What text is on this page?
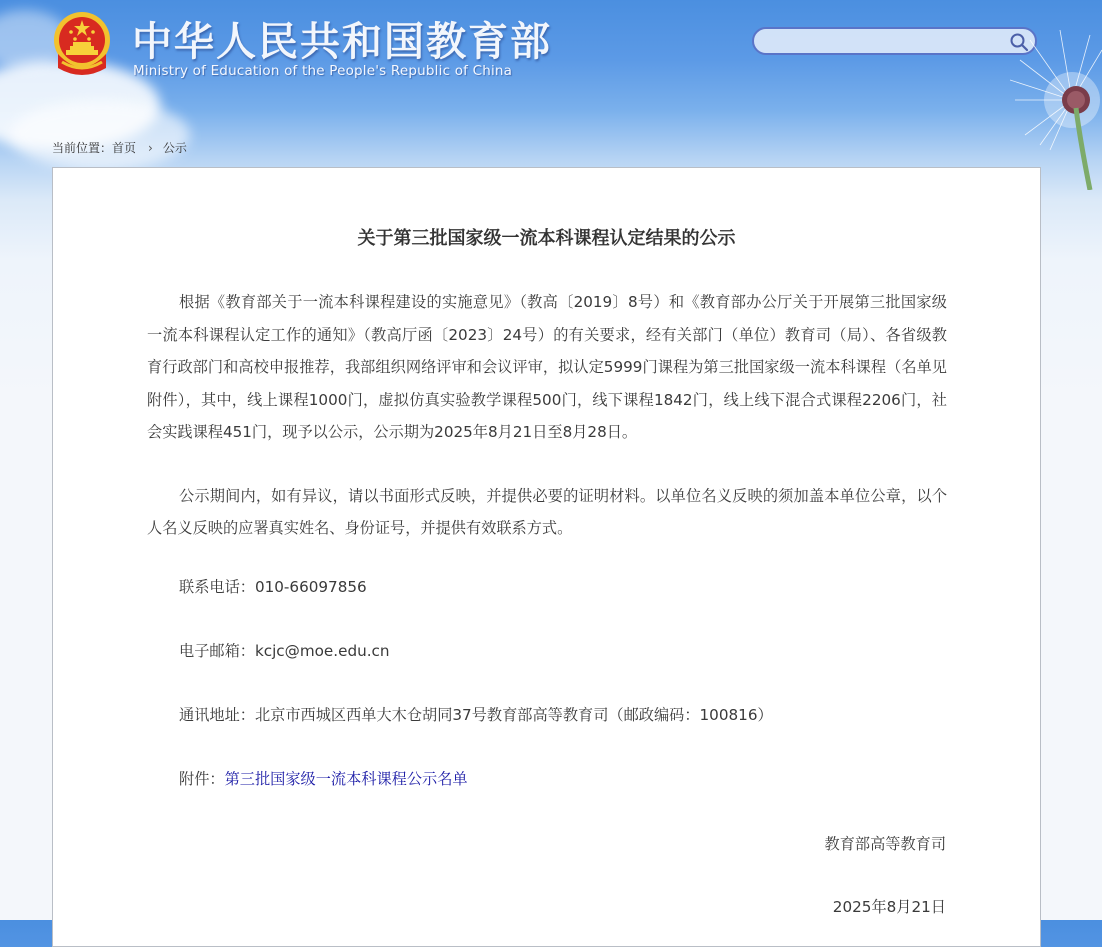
中华人民共和国教育部
Ministry of Education of the People's Republic of China
当前位置：首页 › 公示
关于第三批国家级一流本科课程认定结果的公示

根据《教育部关于一流本科课程建设的实施意见》（教高〔2019〕8号）和《教育部办公厅关于开展第三批国家级一流本科课程认定工作的通知》（教高厅函〔2023〕24号）的有关要求，经有关部门（单位）教育司（局）、各省级教育行政部门和高校申报推荐，我部组织网络评审和会议评审，拟认定5999门课程为第三批国家级一流本科课程（名单见附件），其中，线上课程1000门，虚拟仿真实验教学课程500门，线下课程1842门，线上线下混合式课程2206门，社会实践课程451门，现予以公示，公示期为2025年8月21日至8月28日。

公示期间内，如有异议，请以书面形式反映，并提供必要的证明材料。以单位名义反映的须加盖本单位公章，以个人名义反映的应署真实姓名、身份证号，并提供有效联系方式。

联系电话：010-66097856
电子邮箱：kcjc@moe.edu.cn
通讯地址：北京市西城区西单大木仓胡同37号教育部高等教育司（邮政编码：100816）
附件：第三批国家级一流本科课程公示名单
教育部高等教育司
2025年8月21日
